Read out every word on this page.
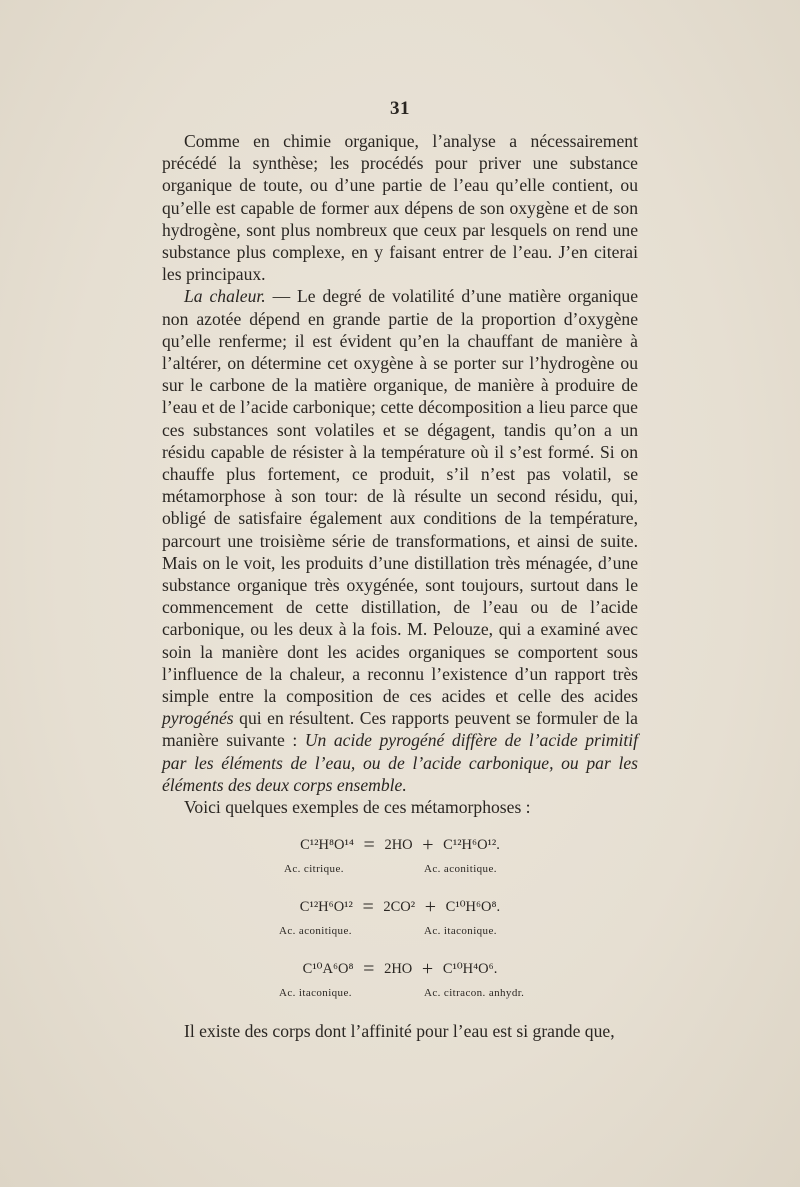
31

Comme en chimie organique, l’analyse a nécessairement précédé la synthèse; les procédés pour priver une substance organique de toute, ou d’une partie de l’eau qu’elle contient, ou qu’elle est capable de former aux dépens de son oxygène et de son hydrogène, sont plus nombreux que ceux par lesquels on rend une substance plus complexe, en y faisant entrer de l’eau. J’en citerai les principaux.

La chaleur. — Le degré de volatilité d’une matière organique non azotée dépend en grande partie de la proportion d’oxygène qu’elle renferme; il est évident qu’en la chauffant de manière à l’altérer, on détermine cet oxygène à se porter sur l’hydrogène ou sur le carbone de la matière organique, de manière à produire de l’eau et de l’acide carbonique; cette décomposition a lieu parce que ces substances sont volatiles et se dégagent, tandis qu’on a un résidu capable de résister à la température où il s’est formé. Si on chauffe plus fortement, ce produit, s’il n’est pas volatil, se métamorphose à son tour: de là résulte un second résidu, qui, obligé de satisfaire également aux conditions de la température, parcourt une troisième série de transformations, et ainsi de suite. Mais on le voit, les produits d’une distillation très ménagée, d’une substance organique très oxygénée, sont toujours, surtout dans le commencement de cette distillation, de l’eau ou de l’acide carbonique, ou les deux à la fois. M. Pelouze, qui a examiné avec soin la manière dont les acides organiques se comportent sous l’influence de la chaleur, a reconnu l’existence d’un rapport très simple entre la composition de ces acides et celle des acides pyrogénés qui en résultent. Ces rapports peuvent se formuler de la manière suivante : Un acide pyrogéné diffère de l’acide primitif par les éléments de l’eau, ou de l’acide carbonique, ou par les éléments des deux corps ensemble.

Voici quelques exemples de ces métamorphoses :

C¹²H⁸O¹⁴ = 2HO + C¹²H⁶O¹².
Ac. citrique.	Ac. aconitique.
C¹²H⁶O¹² = 2CO² + C¹⁰H⁶O⁸.
Ac. aconitique.	Ac. itaconique.
C¹⁰A⁶O⁸ = 2HO + C¹⁰H⁴O⁶.
Ac. itaconique.	Ac. citracon. anhydr.

Il existe des corps dont l’affinité pour l’eau est si grande que,
